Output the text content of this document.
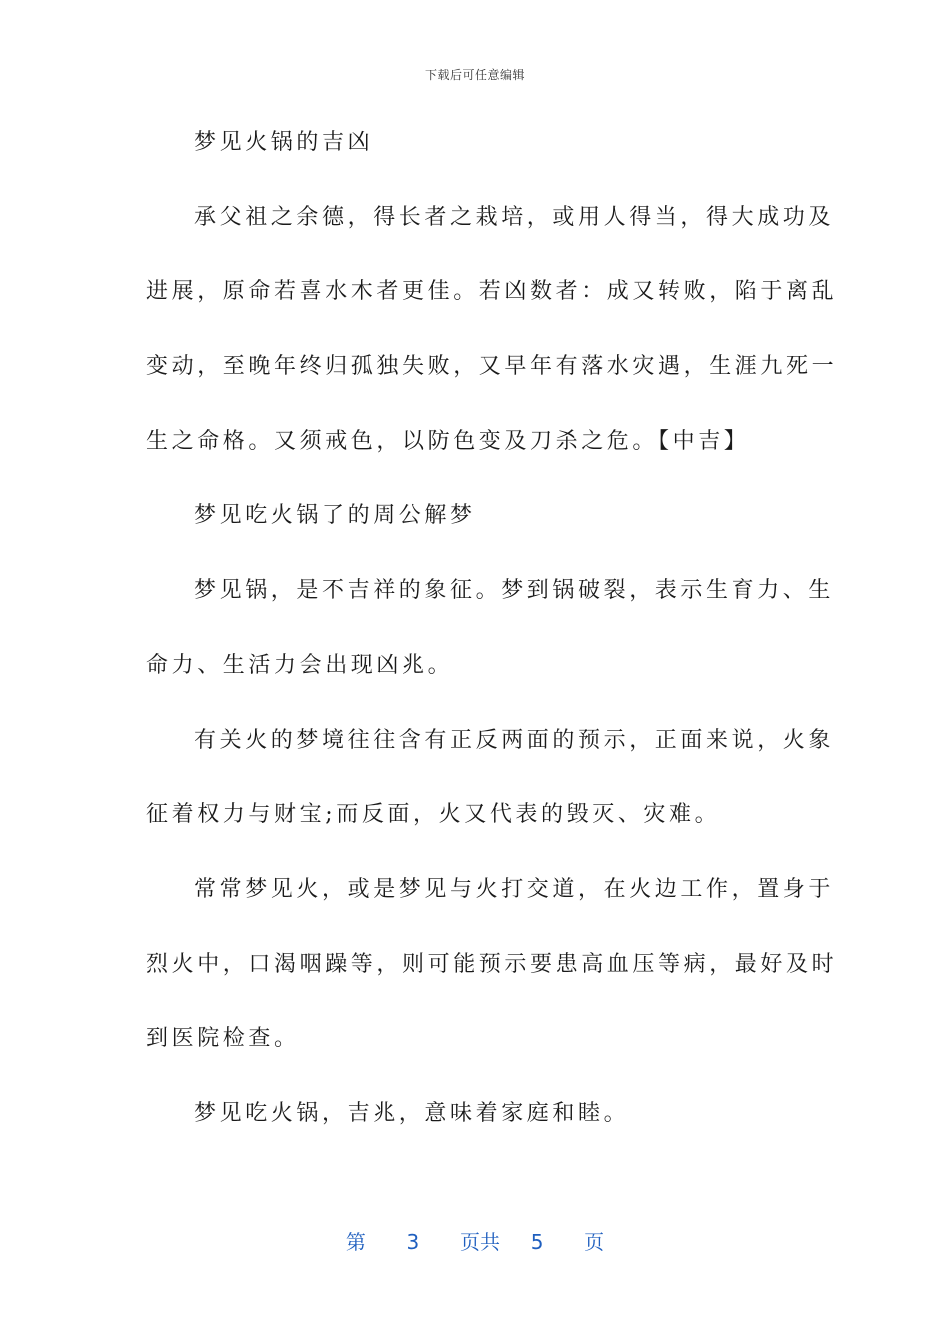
下载后可任意编辑
梦见火锅的吉凶
承父祖之余德，得长者之栽培，或用人得当，得大成功及
进展，原命若喜水木者更佳。若凶数者：成又转败，陷于离乱
变动，至晚年终归孤独失败，又早年有落水灾遇，生涯九死一
生之命格。又须戒色，以防色变及刀杀之危。【中吉】
梦见吃火锅了的周公解梦
梦见锅，是不吉祥的象征。梦到锅破裂，表示生育力、生
命力、生活力会出现凶兆。
有关火的梦境往往含有正反两面的预示，正面来说，火象
征着权力与财宝;而反面，火又代表的毁灭、灾难。
常常梦见火，或是梦见与火打交道，在火边工作，置身于
烈火中，口渴咽躁等，则可能预示要患高血压等病，最好及时
到医院检查。
梦见吃火锅，吉兆，意味着家庭和睦。
第 3 页共 5 页
